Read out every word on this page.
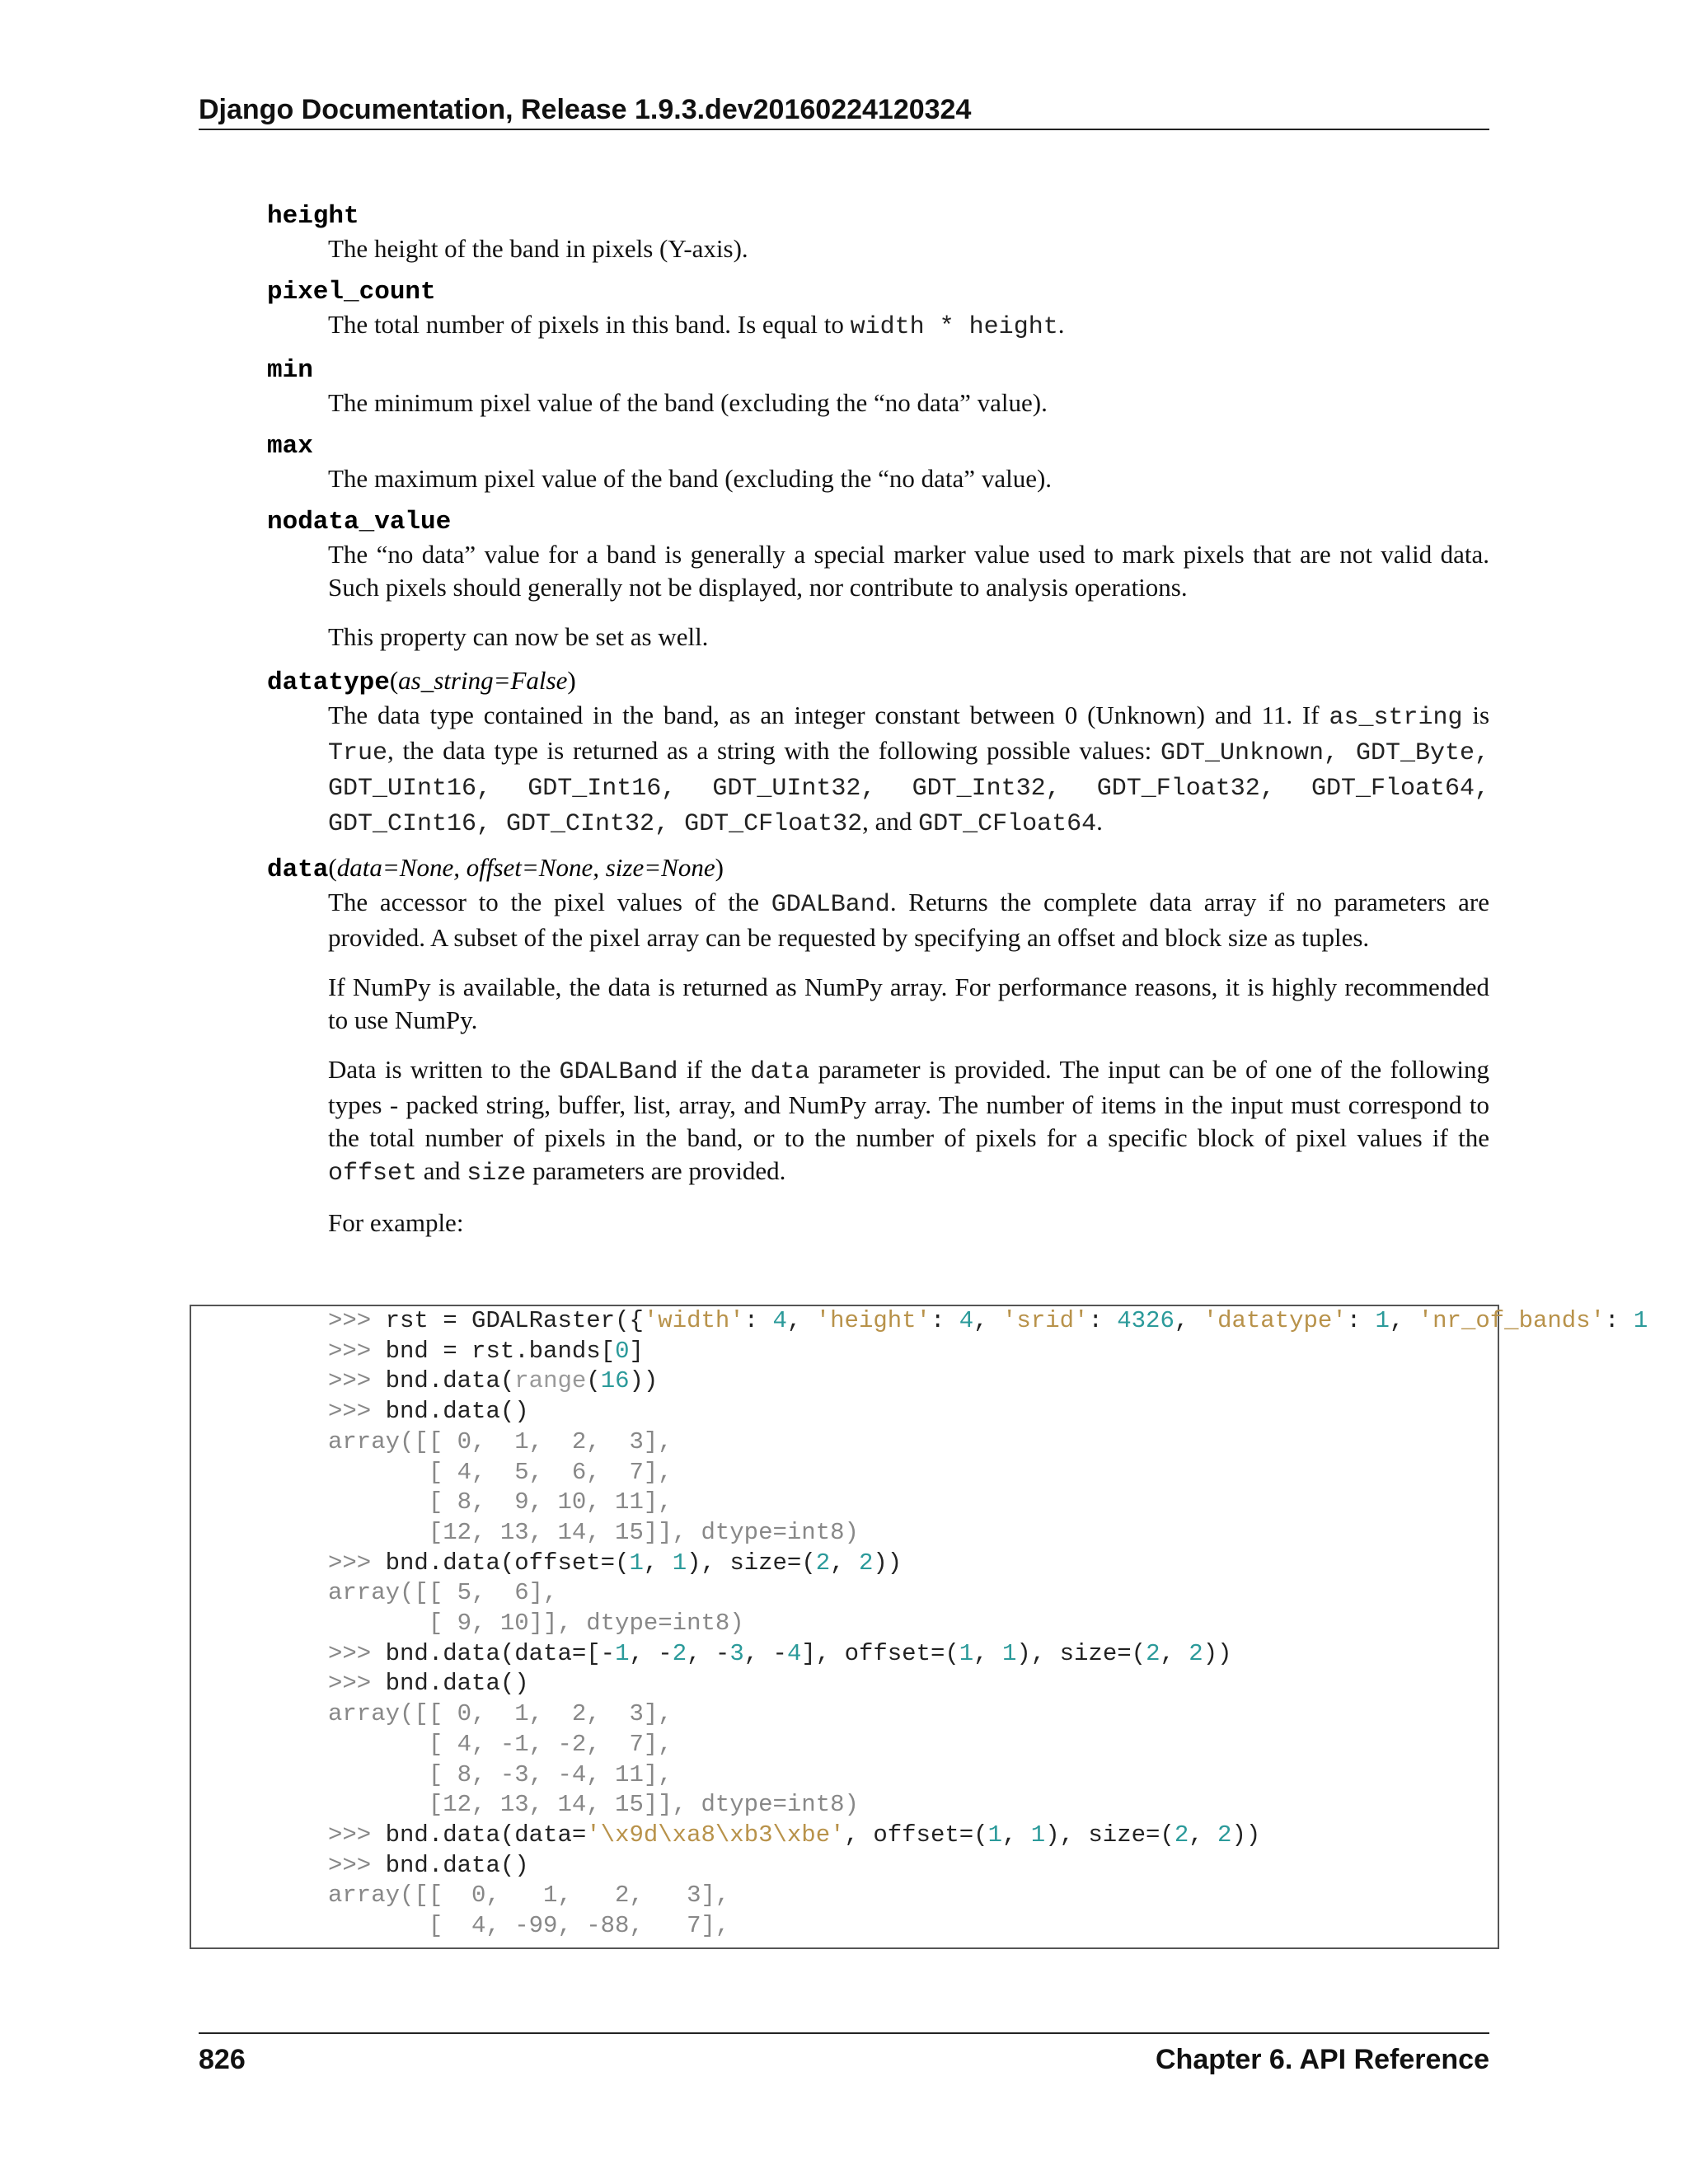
Django Documentation, Release 1.9.3.dev20160224120324
height
The height of the band in pixels (Y-axis).
pixel_count
The total number of pixels in this band. Is equal to width * height.
min
The minimum pixel value of the band (excluding the “no data” value).
max
The maximum pixel value of the band (excluding the “no data” value).
nodata_value

The “no data” value for a band is generally a special marker value used to mark pixels that are not valid data. Such pixels should generally not be displayed, nor contribute to analysis operations.

This property can now be set as well.

datatype(as_string=False)
The data type contained in the band, as an integer constant between 0 (Unknown) and 11. If as_string is True, the data type is returned as a string with the following possible values: GDT_Unknown, GDT_Byte, GDT_UInt16, GDT_Int16, GDT_UInt32, GDT_Int32, GDT_Float32, GDT_Float64, GDT_CInt16, GDT_CInt32, GDT_CFloat32, and GDT_CFloat64.
data(data=None, offset=None, size=None)

The accessor to the pixel values of the GDALBand. Returns the complete data array if no parameters are provided. A subset of the pixel array can be requested by specifying an offset and block size as tuples.

If NumPy is available, the data is returned as NumPy array. For performance reasons, it is highly recommended to use NumPy.

Data is written to the GDALBand if the data parameter is provided. The input can be of one of the following types - packed string, buffer, list, array, and NumPy array. The number of items in the input must correspond to the total number of pixels in the band, or to the number of pixels for a specific block of pixel values if the offset and size parameters are provided.

For example:

>>> rst = GDALRaster({'width': 4, 'height': 4, 'srid': 4326, 'datatype': 1, 'nr_of_bands': 1
>>> bnd = rst.bands[0]
>>> bnd.data(range(16))
>>> bnd.data()
array([[ 0,  1,  2,  3],
[ 4,  5,  6,  7],
[ 8,  9, 10, 11],
[12, 13, 14, 15]], dtype=int8)
>>> bnd.data(offset=(1, 1), size=(2, 2))
array([[ 5,  6],
[ 9, 10]], dtype=int8)
>>> bnd.data(data=[-1, -2, -3, -4], offset=(1, 1), size=(2, 2))
>>> bnd.data()
array([[ 0,  1,  2,  3],
[ 4, -1, -2,  7],
[ 8, -3, -4, 11],
[12, 13, 14, 15]], dtype=int8)
>>> bnd.data(data='\x9d\xa8\xb3\xbe', offset=(1, 1), size=(2, 2))
>>> bnd.data()
array([[  0,   1,   2,   3],
[  4, -99, -88,   7],
826	Chapter 6. API Reference
